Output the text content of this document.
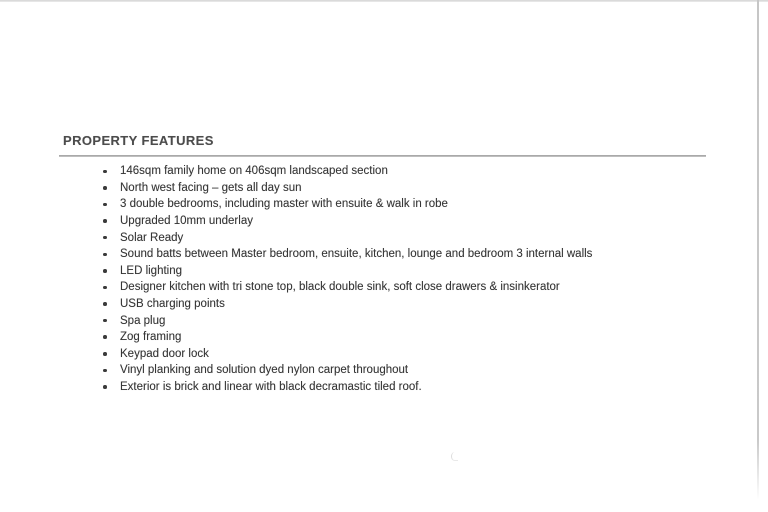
PROPERTY FEATURES
146sqm family home on 406sqm landscaped section
North west facing – gets all day sun
3 double bedrooms, including master with ensuite & walk in robe
Upgraded 10mm underlay
Solar Ready
Sound batts between Master bedroom, ensuite, kitchen, lounge and bedroom 3 internal walls
LED lighting
Designer kitchen with tri stone top, black double sink, soft close drawers & insinkerator
USB charging points
Spa plug
Zog framing
Keypad door lock
Vinyl planking and solution dyed nylon carpet throughout
Exterior is brick and linear with black decramastic tiled roof.
